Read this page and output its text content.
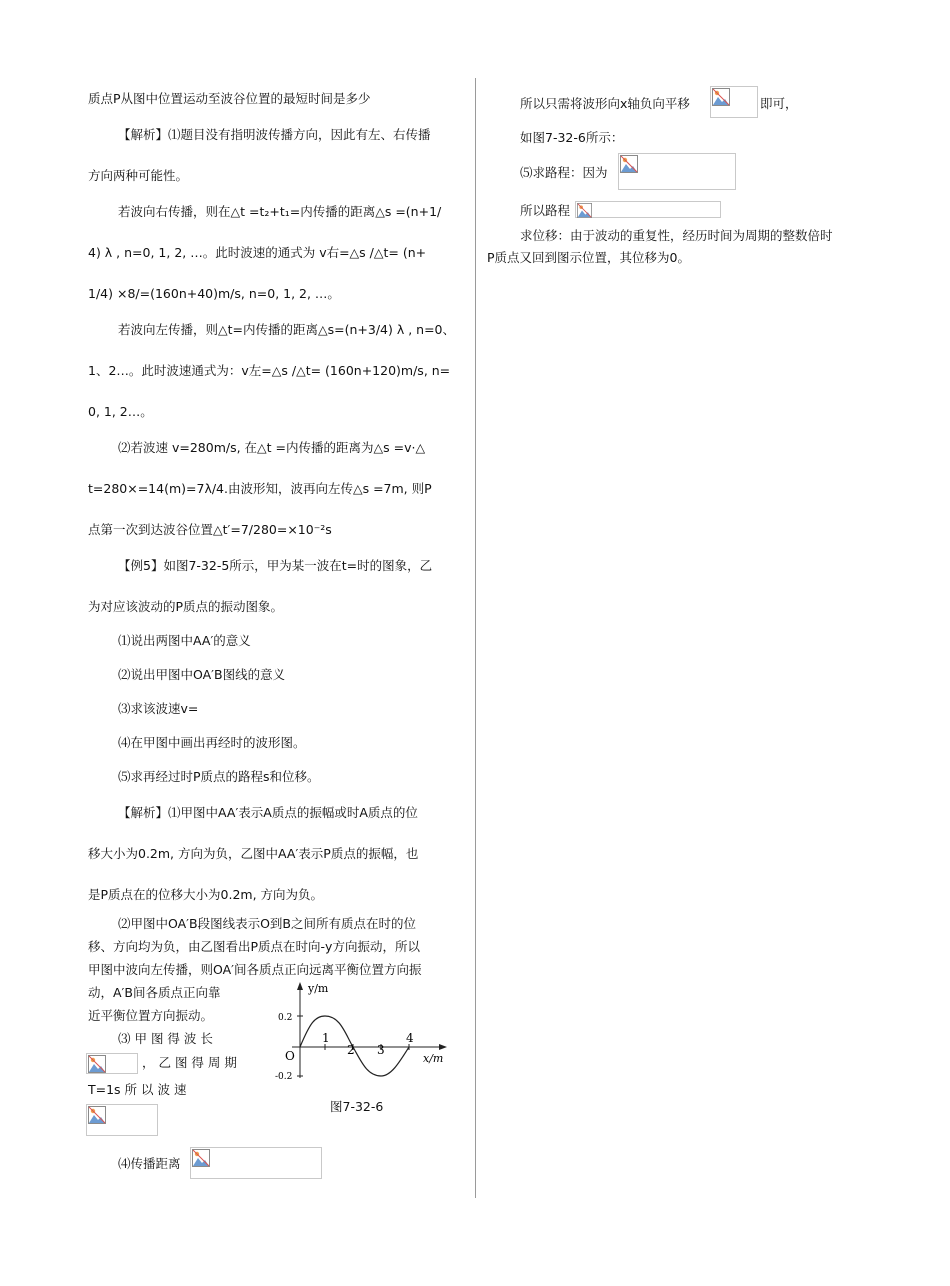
质点P从图中位置运动至波谷位置的最短时间是多少
【解析】⑴题目没有指明波传播方向，因此有左、右传播
方向两种可能性。
若波向右传播，则在△t =t₂+t₁=内传播的距离△s =(n+1/
4) λ , n=0, 1, 2, …。此时波速的通式为 v右=△s /△t= (n+
1/4) ×8/=(160n+40)m/s, n=0, 1, 2, …。
若波向左传播，则△t=内传播的距离△s=(n+3/4) λ , n=0、
1、2…。此时波速通式为：v左=△s /△t= (160n+120)m/s, n=
0, 1, 2…。
⑵若波速 v=280m/s, 在△t =内传播的距离为△s =v·△
t=280×=14(m)=7λ/4.由波形知，波再向左传△s =7m, 则P
点第一次到达波谷位置△t′=7/280=×10⁻²s
【例5】如图7-32-5所示，甲为某一波在t=时的图象，乙
为对应该波动的P质点的振动图象。
⑴说出两图中AA′的意义
⑵说出甲图中OA′B图线的意义
⑶求该波速v=
⑷在甲图中画出再经时的波形图。
⑸求再经过时P质点的路程s和位移。
【解析】⑴甲图中AA′表示A质点的振幅或时A质点的位
移大小为0.2m, 方向为负，乙图中AA′表示P质点的振幅，也
是P质点在的位移大小为0.2m, 方向为负。
⑵甲图中OA′B段图线表示O到B之间所有质点在时的位
移、方向均为负，由乙图看出P质点在时向-y方向振动，所以
甲图中波向左传播，则OA′间各质点正向远离平衡位置方向振
动，A′B间各质点正向靠
近平衡位置方向振动。
⑶ 甲 图 得 波 长
， 乙 图 得 周 期
T=1s 所 以 波 速
⑷传播距离
y/m
x/m
O
0.2
-0.2
1
2 3
4
图7-32-6
所以只需将波形向x轴负向平移	即可，
如图7-32-6所示：
⑸求路程：因为
所以路程
求位移：由于波动的重复性，经历时间为周期的整数倍时
P质点又回到图示位置，其位移为0。
